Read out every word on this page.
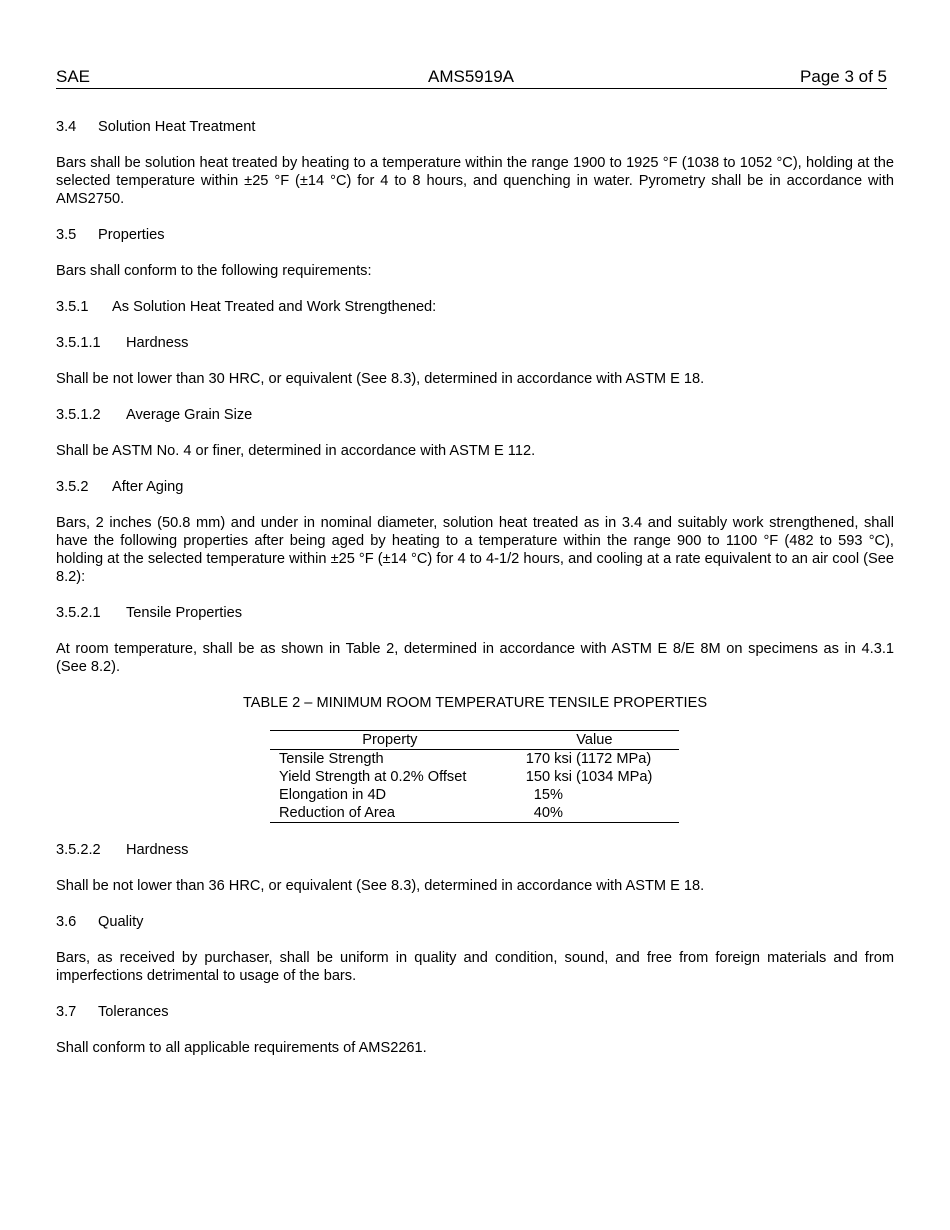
SAE	AMS5919A	Page 3 of 5
3.4 Solution Heat Treatment

Bars shall be solution heat treated by heating to a temperature within the range 1900 to 1925 °F (1038 to 1052 °C), holding at the selected temperature within ±25 °F (±14 °C) for 4 to 8 hours, and quenching in water. Pyrometry shall be in accordance with AMS2750.

3.5 Properties

Bars shall conform to the following requirements:

3.5.1 As Solution Heat Treated and Work Strengthened:
3.5.1.1 Hardness

Shall be not lower than 30 HRC, or equivalent (See 8.3), determined in accordance with ASTM E 18.

3.5.1.2 Average Grain Size

Shall be ASTM No. 4 or finer, determined in accordance with ASTM E 112.

3.5.2 After Aging

Bars, 2 inches (50.8 mm) and under in nominal diameter, solution heat treated as in 3.4 and suitably work strengthened, shall have the following properties after being aged by heating to a temperature within the range 900 to 1100 °F (482 to 593 °C), holding at the selected temperature within ±25 °F (±14 °C) for 4 to 4-1/2 hours, and cooling at a rate equivalent to an air cool (See 8.2):

3.5.2.1 Tensile Properties

At room temperature, shall be as shown in Table 2, determined in accordance with ASTM E 8/E 8M on specimens as in 4.3.1 (See 8.2).

TABLE 2 – MINIMUM ROOM TEMPERATURE TENSILE PROPERTIES
Property	Value
Tensile Strength	170 ksi (1172 MPa)
Yield Strength at 0.2% Offset	150 ksi (1034 MPa)
Elongation in 4D	15%
Reduction of Area	40%
3.5.2.2 Hardness

Shall be not lower than 36 HRC, or equivalent (See 8.3), determined in accordance with ASTM E 18.

3.6 Quality

Bars, as received by purchaser, shall be uniform in quality and condition, sound, and free from foreign materials and from imperfections detrimental to usage of the bars.

3.7 Tolerances

Shall conform to all applicable requirements of AMS2261.
